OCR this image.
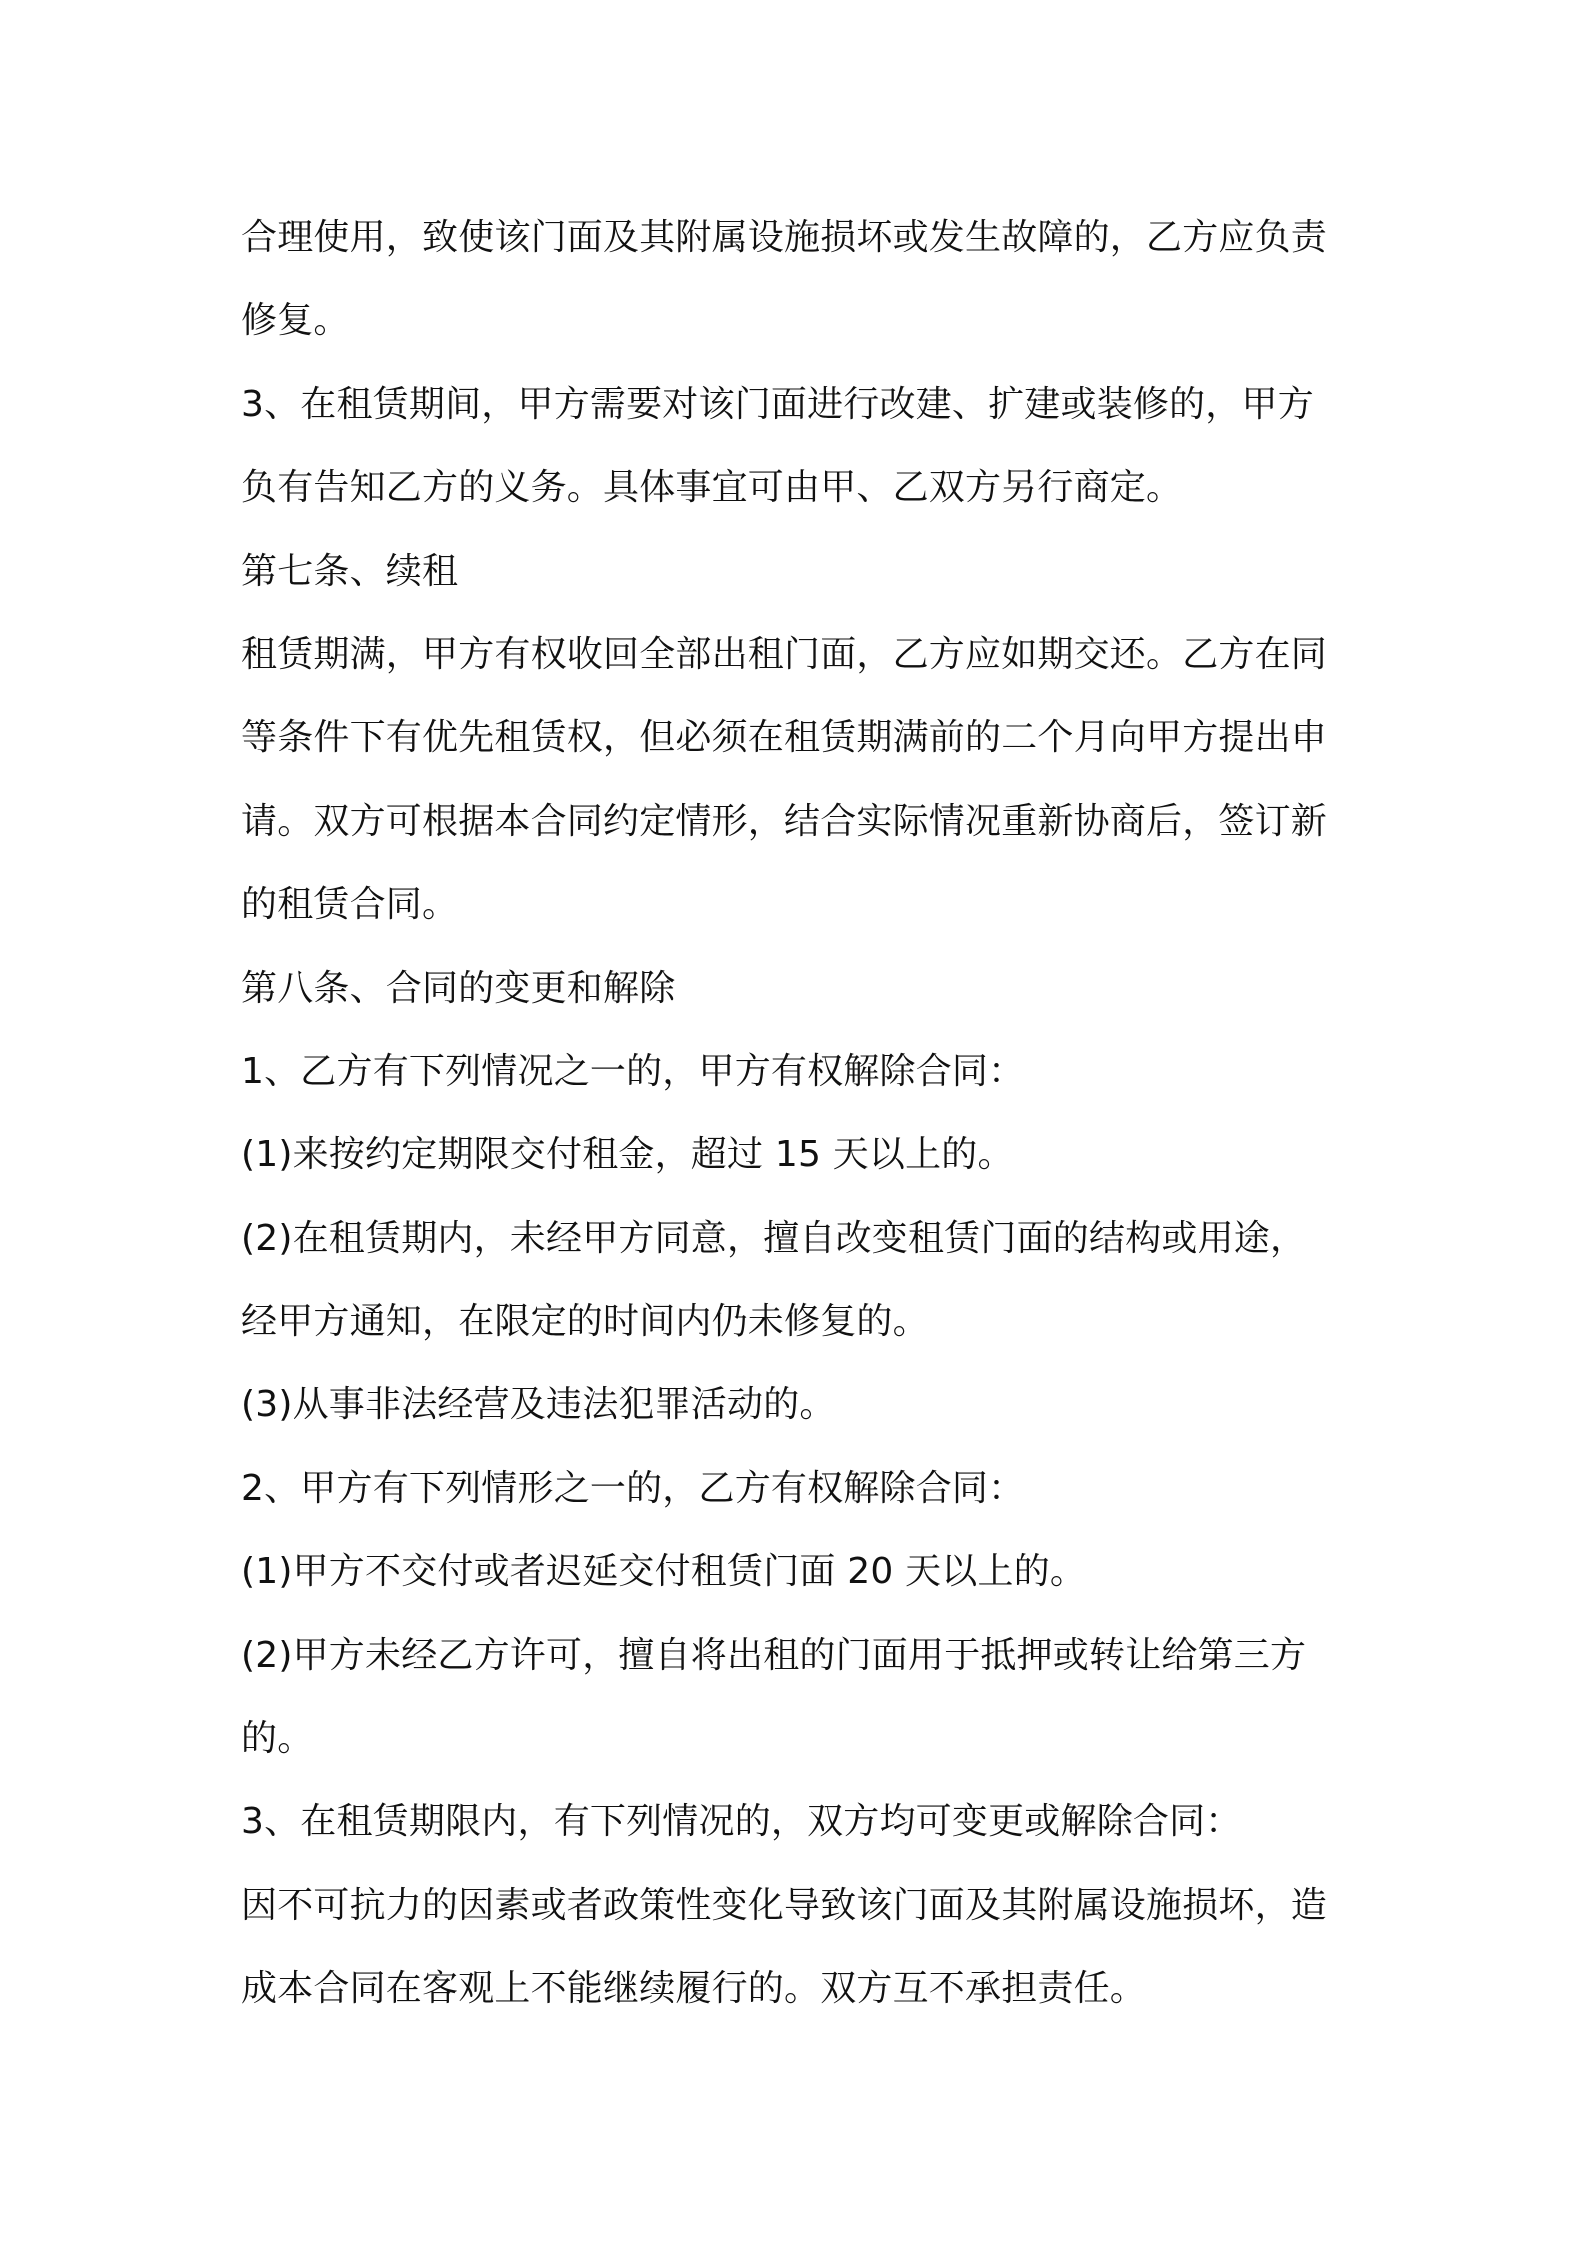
合理使用，致使该门面及其附属设施损坏或发生故障的，乙方应负责
修复。
3、在租赁期间，甲方需要对该门面进行改建、扩建或装修的，甲方
负有告知乙方的义务。具体事宜可由甲、乙双方另行商定。
第七条、续租
租赁期满，甲方有权收回全部出租门面，乙方应如期交还。乙方在同
等条件下有优先租赁权，但必须在租赁期满前的二个月向甲方提出申
请。双方可根据本合同约定情形，结合实际情况重新协商后，签订新
的租赁合同。
第八条、合同的变更和解除
1、乙方有下列情况之一的，甲方有权解除合同：
(1)来按约定期限交付租金，超过 15 天以上的。
(2)在租赁期内，未经甲方同意，擅自改变租赁门面的结构或用途，
经甲方通知，在限定的时间内仍未修复的。
(3)从事非法经营及违法犯罪活动的。
2、甲方有下列情形之一的，乙方有权解除合同：
(1)甲方不交付或者迟延交付租赁门面 20 天以上的。
(2)甲方未经乙方许可，擅自将出租的门面用于抵押或转让给第三方
的。
3、在租赁期限内，有下列情况的，双方均可变更或解除合同：
因不可抗力的因素或者政策性变化导致该门面及其附属设施损坏，造
成本合同在客观上不能继续履行的。双方互不承担责任。
